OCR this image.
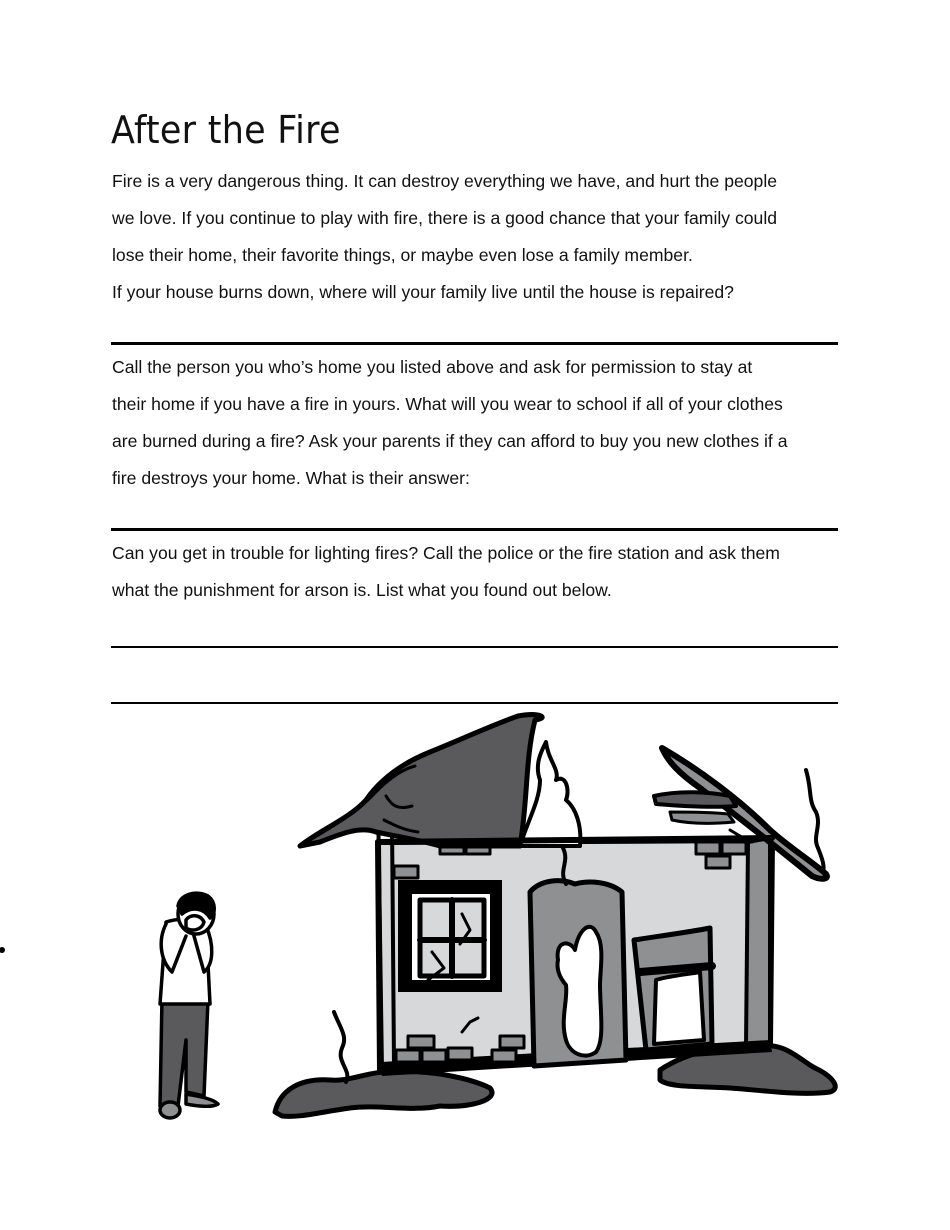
After the Fire
Fire is a very dangerous thing. It can destroy everything we have, and hurt the people
we love. If you continue to play with fire, there is a good chance that your family could
lose their home, their favorite things, or maybe even lose a family member.
If your house burns down, where will your family live until the house is repaired?
Call the person you who’s home you listed above and ask for permission to stay at
their home if you have a fire in yours. What will you wear to school if all of your clothes
are burned during a fire? Ask your parents if they can afford to buy you new clothes if a
fire destroys your home. What is their answer:
Can you get in trouble for lighting fires? Call the police or the fire station and ask them
what the punishment for arson is. List what you found out below.
